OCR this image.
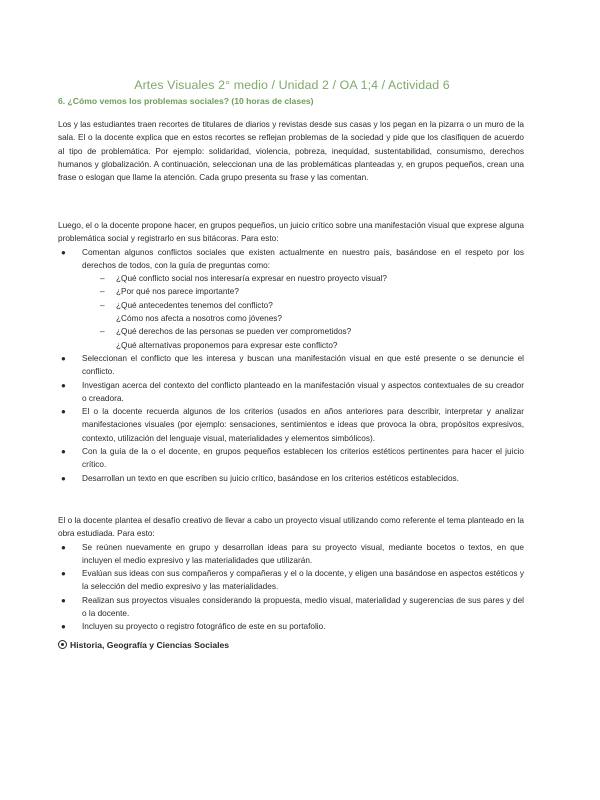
Artes Visuales 2° medio / Unidad 2 / OA 1;4 / Actividad 6
6. ¿Cómo vemos los problemas sociales? (10 horas de clases)
Los y las estudiantes traen recortes de titulares de diarios y revistas desde sus casas y los pegan en la pizarra o un muro de la sala. El o la docente explica que en estos recortes se reflejan problemas de la sociedad y pide que los clasifiquen de acuerdo al tipo de problemática. Por ejemplo: solidaridad, violencia, pobreza, inequidad, sustentabilidad, consumismo, derechos humanos y globalización. A continuación, seleccionan una de las problemáticas planteadas y, en grupos pequeños, crean una frase o eslogan que llame la atención. Cada grupo presenta su frase y las comentan.
Luego, el o la docente propone hacer, en grupos pequeños, un juicio crítico sobre una manifestación visual que exprese alguna problemática social y registrarlo en sus bitácoras. Para esto:
● Comentan algunos conflictos sociales que existen actualmente en nuestro país, basándose en el respeto por los derechos de todos, con la guía de preguntas como:
– ¿Qué conflicto social nos interesaría expresar en nuestro proyecto visual?
– ¿Por qué nos parece importante?
– ¿Qué antecedentes tenemos del conflicto?
¿Cómo nos afecta a nosotros como jóvenes?
– ¿Qué derechos de las personas se pueden ver comprometidos?
¿Qué alternativas proponemos para expresar este conflicto?
● Seleccionan el conflicto que les interesa y buscan una manifestación visual en que esté presente o se denuncie el conflicto.
● Investigan acerca del contexto del conflicto planteado en la manifestación visual y aspectos contextuales de su creador o creadora.
● El o la docente recuerda algunos de los criterios (usados en años anteriores para describir, interpretar y analizar manifestaciones visuales (por ejemplo: sensaciones, sentimientos e ideas que provoca la obra, propósitos expresivos, contexto, utilización del lenguaje visual, materialidades y elementos simbólicos).
● Con la guía de la o el docente, en grupos pequeños establecen los criterios estéticos pertinentes para hacer el juicio crítico.
● Desarrollan un texto en que escriben su juicio crítico, basándose en los criterios estéticos establecidos.
El o la docente plantea el desafío creativo de llevar a cabo un proyecto visual utilizando como referente el tema planteado en la obra estudiada. Para esto:
● Se reúnen nuevamente en grupo y desarrollan ideas para su proyecto visual, mediante bocetos o textos, en que incluyen el medio expresivo y las materialidades que utilizarán.
● Evalúan sus ideas con sus compañeros y compañeras y el o la docente, y eligen una basándose en aspectos estéticos y la selección del medio expresivo y las materialidades.
● Realizan sus proyectos visuales considerando la propuesta, medio visual, materialidad y sugerencias de sus pares y del o la docente.
● Incluyen su proyecto o registro fotográfico de este en su portafolio.
Historia, Geografía y Ciencias Sociales
